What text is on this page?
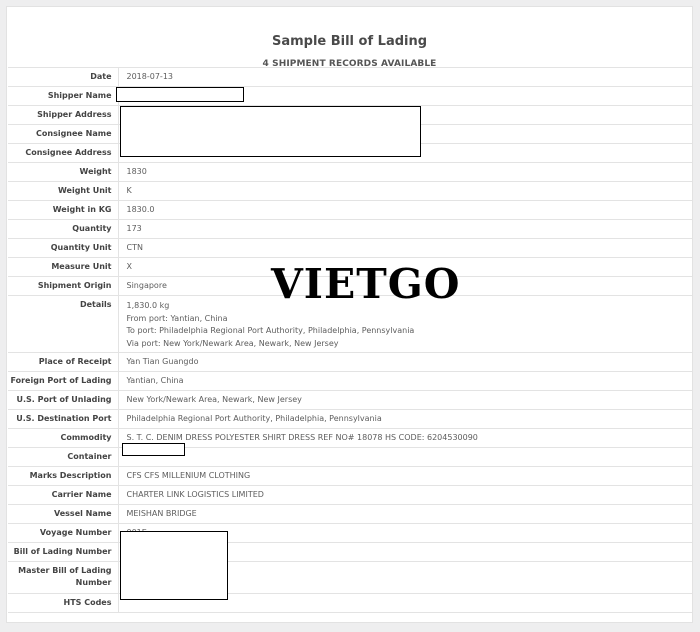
Sample Bill of Lading
4 SHIPMENT RECORDS AVAILABLE
Date	2018-07-13
Shipper Name	
Shipper Address	
Consignee Name	
Consignee Address	
Weight	1830
Weight Unit	K
Weight in KG	1830.0
Quantity	173
Quantity Unit	CTN
Measure Unit	X
Shipment Origin	Singapore
Details	1,830.0 kg
From port: Yantian, China
To port: Philadelphia Regional Port Authority, Philadelphia, Pennsylvania
Via port: New York/Newark Area, Newark, New Jersey

Place of Receipt	Yan Tian Guangdo
Foreign Port of Lading	Yantian, China
U.S. Port of Unlading	New York/Newark Area, Newark, New Jersey
U.S. Destination Port	Philadelphia Regional Port Authority, Philadelphia, Pennsylvania
Commodity	S. T. C. DENIM DRESS POLYESTER SHIRT DRESS REF NO# 18078 HS CODE: 6204530090
Container	
Marks Description	CFS CFS MILLENIUM CLOTHING
Carrier Name	CHARTER LINK LOGISTICS LIMITED
Vessel Name	MEISHAN BRIDGE
Voyage Number	
Bill of Lading Number	

Master Bill of Lading
Number	

HTS Codes	
VIETGO
